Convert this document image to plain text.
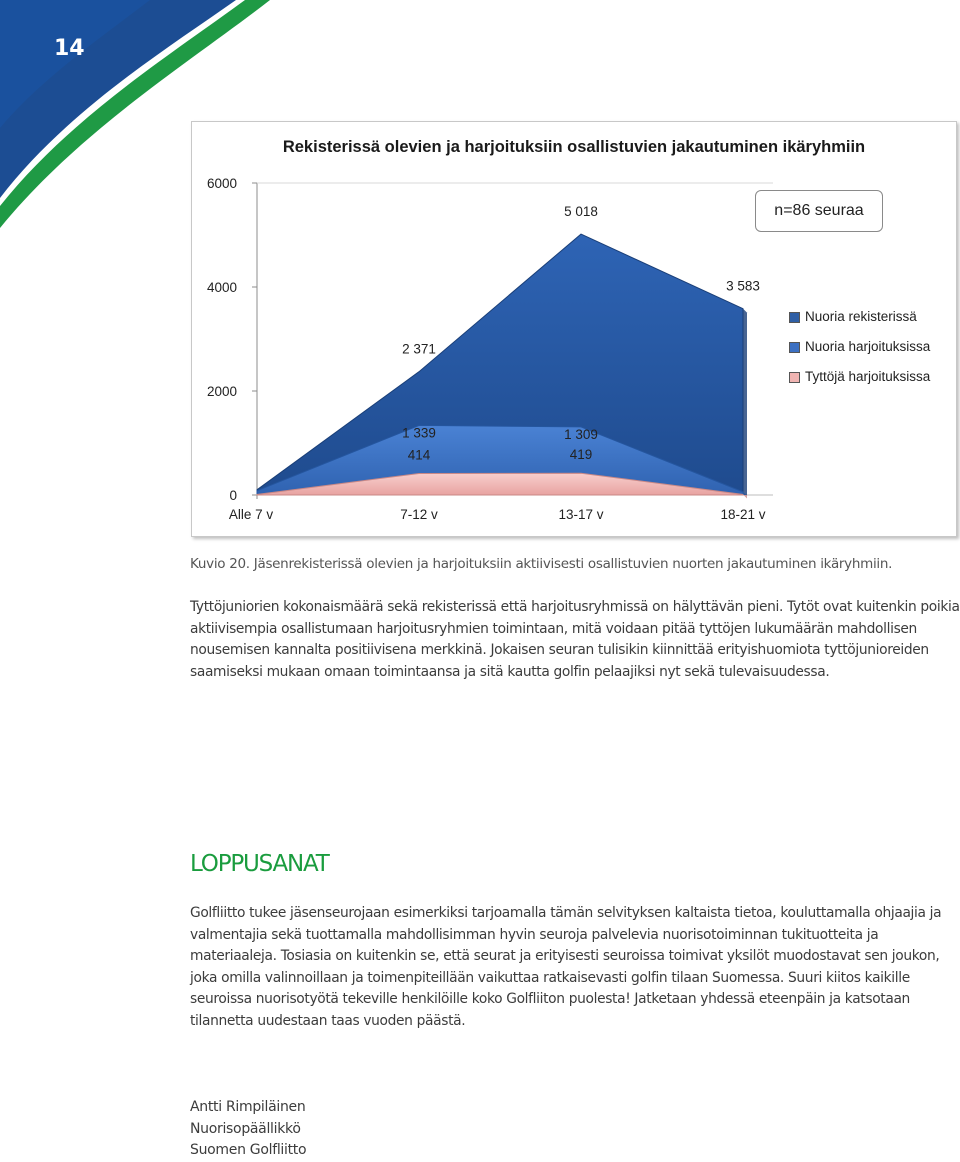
14
0
2000
4000
6000
Alle 7 v	7-12 v	13-17 v	18-21 v
2 371
5 018
3 583
1 339	1 309
414	419
Rekisterissä olevien ja harjoituksiin osallistuvien jakautuminen ikäryhmiin
n=86 seuraa
Nuoria rekisterissä
Nuoria harjoituksissa
Tyttöjä harjoituksissa
Kuvio 20. Jäsenrekisterissä olevien ja harjoituksiin aktiivisesti osallistuvien nuorten jakautuminen ikäryhmiin.
Tyttöjuniorien kokonaismäärä sekä rekisterissä että harjoitusryhmissä on hälyttävän pieni. Tytöt ovat kuitenkin poikia aktiivisempia osallistumaan harjoitusryhmien toimintaan, mitä voidaan pitää tyttöjen lukumäärän mahdollisen nousemisen kannalta positiivisena merkkinä. Jokaisen seuran tulisikin kiinnittää erityishuomiota tyttöjunioreiden saamiseksi mukaan omaan toimintaansa ja sitä kautta golfin pelaajiksi nyt sekä tulevaisuudessa.
LOPPUSANAT
Golfliitto tukee jäsenseurojaan esimerkiksi tarjoamalla tämän selvityksen kaltaista tietoa, kouluttamalla ohjaajia ja valmentajia sekä tuottamalla mahdollisimman hyvin seuroja palvelevia nuorisotoiminnan tukituotteita ja materiaaleja. Tosiasia on kuitenkin se, että seurat ja erityisesti seuroissa toimivat yksilöt muodostavat sen joukon, joka omilla valinnoillaan ja toimenpiteillään vaikuttaa ratkaisevasti golfin tilaan Suomessa. Suuri kiitos kaikille seuroissa nuorisotyötä tekeville henkilöille koko Golfliiton puolesta! Jatketaan yhdessä eteenpäin ja katsotaan tilannetta uudestaan taas vuoden päästä.
Antti Rimpiläinen
Nuorisopäällikkö
Suomen Golfliitto
